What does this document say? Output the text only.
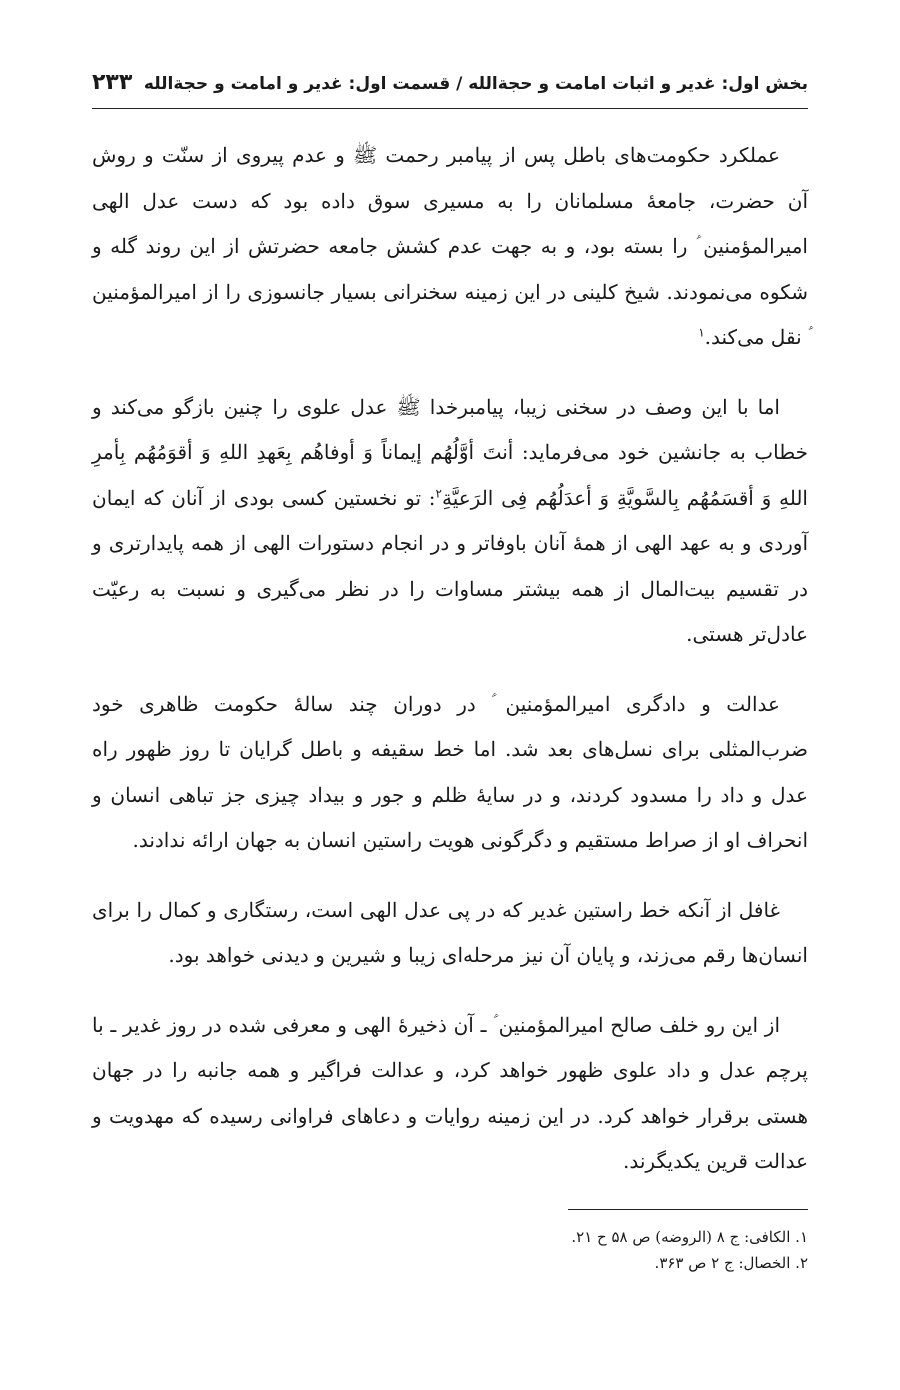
بخش اول: غدیر و اثبات امامت و حجةالله / قسمت اول: غدیر و امامت و حجةالله
۲۳۳

عملکرد حکومت‌های باطل پس از پیامبر رحمت ﷺ و عدم پیروی از سنّت و روش آن حضرت، جامعهٔ مسلمانان را به مسیری سوق داده بود که دست عدل الهی امیرالمؤمنین ؑ را بسته بود، و به جهت عدم کشش جامعه حضرتش از این روند گله و شکوه می‌نمودند. شیخ کلینی در این زمینه سخنرانی بسیار جانسوزی را از امیرالمؤمنین ؑ نقل می‌کند.$^۱$

اما با این وصف در سخنی زیبا، پیامبرخدا ﷺ عدل علوی را چنین بازگو می‌کند و خطاب به جانشین خود می‌فرماید: أنتَ أوَّلُهُم إیماناً وَ أوفاهُم بِعَهدِ اللهِ وَ أقوَمُهُم بِأمرِ اللهِ وَ أقسَمُهُم بِالسَّویَّةِ وَ أعدَلُهُم فِی الرَعیَّةِ$^۲$: تو نخستین کسی بودی از آنان که ایمان آوردی و به عهد الهی از همهٔ آنان باوفاتر و در انجام دستورات الهی از همه پایدارتری و در تقسیم بیت‌المال از همه بیشتر مساوات را در نظر می‌گیری و نسبت به رعیّت عادل‌تر هستی.

عدالت و دادگری امیرالمؤمنین ؑ در دوران چند سالهٔ حکومت ظاهری خود ضرب‌المثلی برای نسل‌های بعد شد. اما خط سقیفه و باطل گرایان تا روز ظهور راه عدل و داد را مسدود کردند، و در سایهٔ ظلم و جور و بیداد چیزی جز تباهی انسان و انحراف او از صراط مستقیم و دگرگونی هویت راستین انسان به جهان ارائه ندادند.

غافل از آنکه خط راستین غدیر که در پی عدل الهی است، رستگاری و کمال را برای انسان‌ها رقم می‌زند، و پایان آن نیز مرحله‌ای زیبا و شیرین و دیدنی خواهد بود.

از این رو خلف صالح امیرالمؤمنین ؑ ـ آن ذخیرهٔ الهی و معرفی شده در روز غدیر ـ با پرچم عدل و داد علوی ظهور خواهد کرد، و عدالت فراگیر و همه جانبه را در جهان هستی برقرار خواهد کرد. در این زمینه روایات و دعاهای فراوانی رسیده که مهدویت و عدالت قرین یکدیگرند.

۱. الکافی: ج ۸ (الروضه) ص ۵۸ ح ۲۱.
۲. الخصال: ج ۲ ص ۳۶۳.
